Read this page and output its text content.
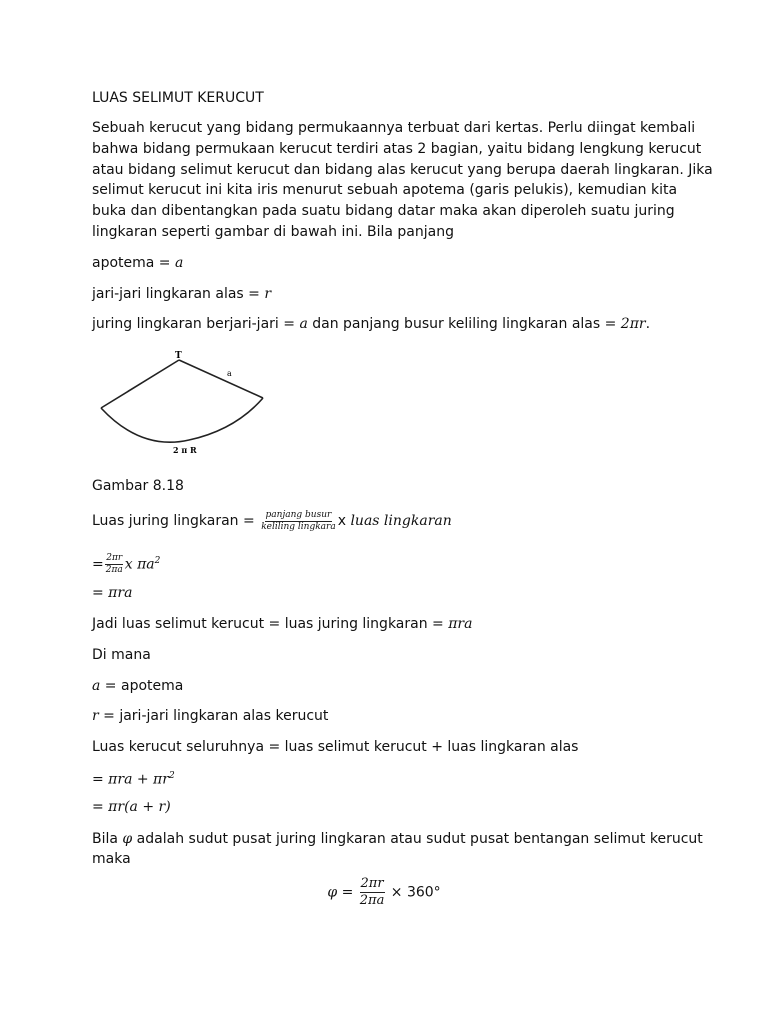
LUAS SELIMUT KERUCUT

Sebuah kerucut yang bidang permukaannya terbuat dari kertas. Perlu diingat kembali

bahwa bidang permukaan kerucut terdiri atas 2 bagian, yaitu bidang lengkung kerucut

atau bidang selimut kerucut dan bidang alas kerucut yang berupa daerah lingkaran. Jika

selimut kerucut ini kita iris menurut sebuah apotema (garis pelukis), kemudian kita

buka dan dibentangkan pada suatu bidang datar maka akan diperoleh suatu juring

lingkaran seperti gambar di bawah ini. Bila panjang

apotema = a

jari-jari lingkaran alas = r

juring lingkaran berjari-jari = a dan panjang busur keliling lingkaran alas = 2πr.

T
a
2 π R

Gambar 8.18

Luas juring lingkaran = $\frac{\text{panjang busur}}{\text{keliling lingkara}}$ x luas lingkaran

= $\frac{2\pi r}{2\pi a}$ x $\pi a^2$

= πra

Jadi luas selimut kerucut = luas juring lingkaran = πra

Di mana

a = apotema

r = jari-jari lingkaran alas kerucut

Luas kerucut seluruhnya = luas selimut kerucut + luas lingkaran alas

= $\pi ra + \pi r^2$

= πr(a + r)

Bila φ adalah sudut pusat juring lingkaran atau sudut pusat bentangan selimut kerucut

maka

$\varphi = \frac{2\pi r}{2\pi a} \times 360^\circ$
